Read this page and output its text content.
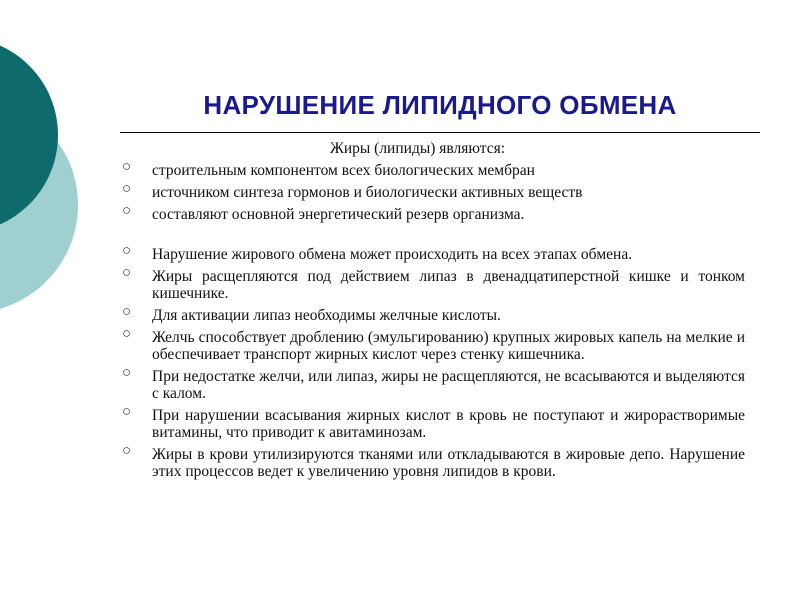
НАРУШЕНИЕ ЛИПИДНОГО ОБМЕНА
Жиры (липиды) являются:
○ строительным компонентом всех биологических мембран
○ источником синтеза гормонов и биологически активных веществ
○ составляют основной энергетический резерв организма.
○ Нарушение жирового обмена может происходить на всех этапах обмена.
○ Жиры расщепляются под действием липаз в двенадцатиперстной кишке и тонком кишечнике.
○ Для активации липаз необходимы желчные кислоты.
○ Желчь способствует дроблению (эмульгированию) крупных жировых капель на мелкие и обеспечивает транспорт жирных кислот через стенку кишечника.
○ При недостатке желчи, или липаз, жиры не расщепляются, не всасываются и выделяются с калом.
○ При нарушении всасывания жирных кислот в кровь не поступают и жирорастворимые витамины, что приводит к авитаминозам.
○ Жиры в крови утилизируются тканями или откладываются в жировые депо. Нарушение этих процессов ведет к увеличению уровня липидов в крови.
